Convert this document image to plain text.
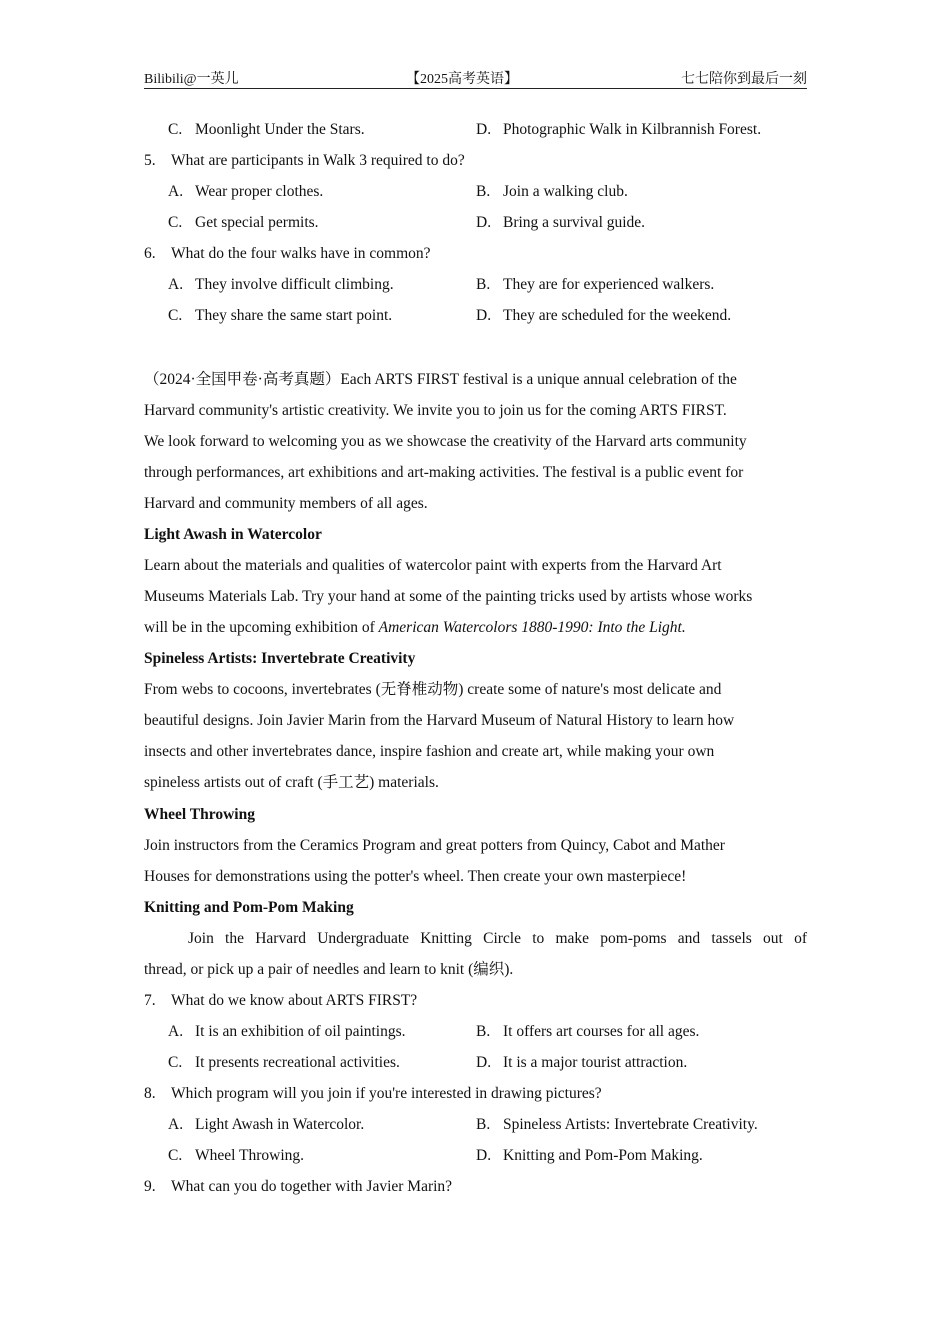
Bilibili@一英儿	【2025高考英语】	七七陪你到最后一刻
C. Moonlight Under the Stars.	D. Photographic Walk in Kilbrannish Forest.
5. What are participants in Walk 3 required to do?
A. Wear proper clothes.	B. Join a walking club.
C. Get special permits.	D. Bring a survival guide.
6. What do the four walks have in common?
A. They involve difficult climbing.	B. They are for experienced walkers.
C. They share the same start point.	D. They are scheduled for the weekend.
（2024·全国甲卷·高考真题）Each ARTS FIRST festival is a unique annual celebration of the
Harvard community's artistic creativity. We invite you to join us for the coming ARTS FIRST.
We look forward to welcoming you as we showcase the creativity of the Harvard arts community
through performances, art exhibitions and art-making activities. The festival is a public event for
Harvard and community members of all ages.
Light Awash in Watercolor
Learn about the materials and qualities of watercolor paint with experts from the Harvard Art
Museums Materials Lab. Try your hand at some of the painting tricks used by artists whose works
will be in the upcoming exhibition of American Watercolors 1880-1990: Into the Light.
Spineless Artists: Invertebrate Creativity
From webs to cocoons, invertebrates (无脊椎动物) create some of nature's most delicate and
beautiful designs. Join Javier Marin from the Harvard Museum of Natural History to learn how
insects and other invertebrates dance, inspire fashion and create art, while making your own
spineless artists out of craft (手工艺) materials.
Wheel Throwing
Join instructors from the Ceramics Program and great potters from Quincy, Cabot and Mather
Houses for demonstrations using the potter's wheel. Then create your own masterpiece!
Knitting and Pom-Pom Making
Join the Harvard Undergraduate Knitting Circle to make pom-poms and tassels out of
thread, or pick up a pair of needles and learn to knit (编织).
7. What do we know about ARTS FIRST?
A. It is an exhibition of oil paintings.	B. It offers art courses for all ages.
C. It presents recreational activities.	D. It is a major tourist attraction.
8. Which program will you join if you're interested in drawing pictures?
A. Light Awash in Watercolor.	B. Spineless Artists: Invertebrate Creativity.
C. Wheel Throwing.	D. Knitting and Pom-Pom Making.
9. What can you do together with Javier Marin?
